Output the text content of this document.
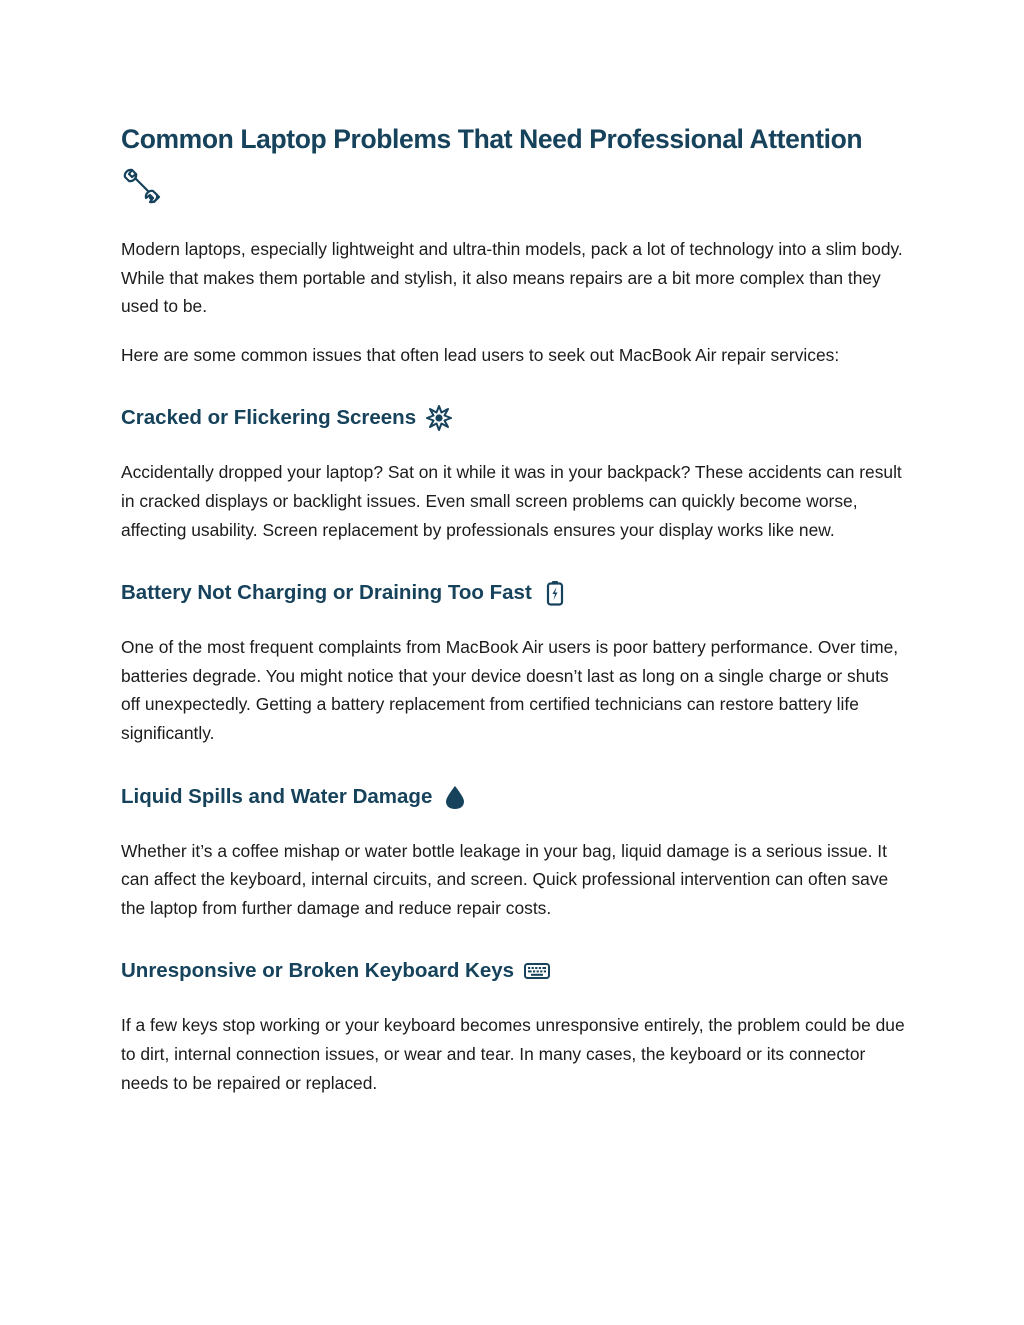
Common Laptop Problems That Need Professional Attention

Modern laptops, especially lightweight and ultra-thin models, pack a lot of technology into a slim body. While that makes them portable and stylish, it also means repairs are a bit more complex than they used to be.

Here are some common issues that often lead users to seek out MacBook Air repair services:

Cracked or Flickering Screens

Accidentally dropped your laptop? Sat on it while it was in your backpack? These accidents can result in cracked displays or backlight issues. Even small screen problems can quickly become worse, affecting usability. Screen replacement by professionals ensures your display works like new.

Battery Not Charging or Draining Too Fast

One of the most frequent complaints from MacBook Air users is poor battery performance. Over time, batteries degrade. You might notice that your device doesn’t last as long on a single charge or shuts off unexpectedly. Getting a battery replacement from certified technicians can restore battery life significantly.

Liquid Spills and Water Damage

Whether it’s a coffee mishap or water bottle leakage in your bag, liquid damage is a serious issue. It can affect the keyboard, internal circuits, and screen. Quick professional intervention can often save the laptop from further damage and reduce repair costs.

Unresponsive or Broken Keyboard Keys

If a few keys stop working or your keyboard becomes unresponsive entirely, the problem could be due to dirt, internal connection issues, or wear and tear. In many cases, the keyboard or its connector needs to be repaired or replaced.
